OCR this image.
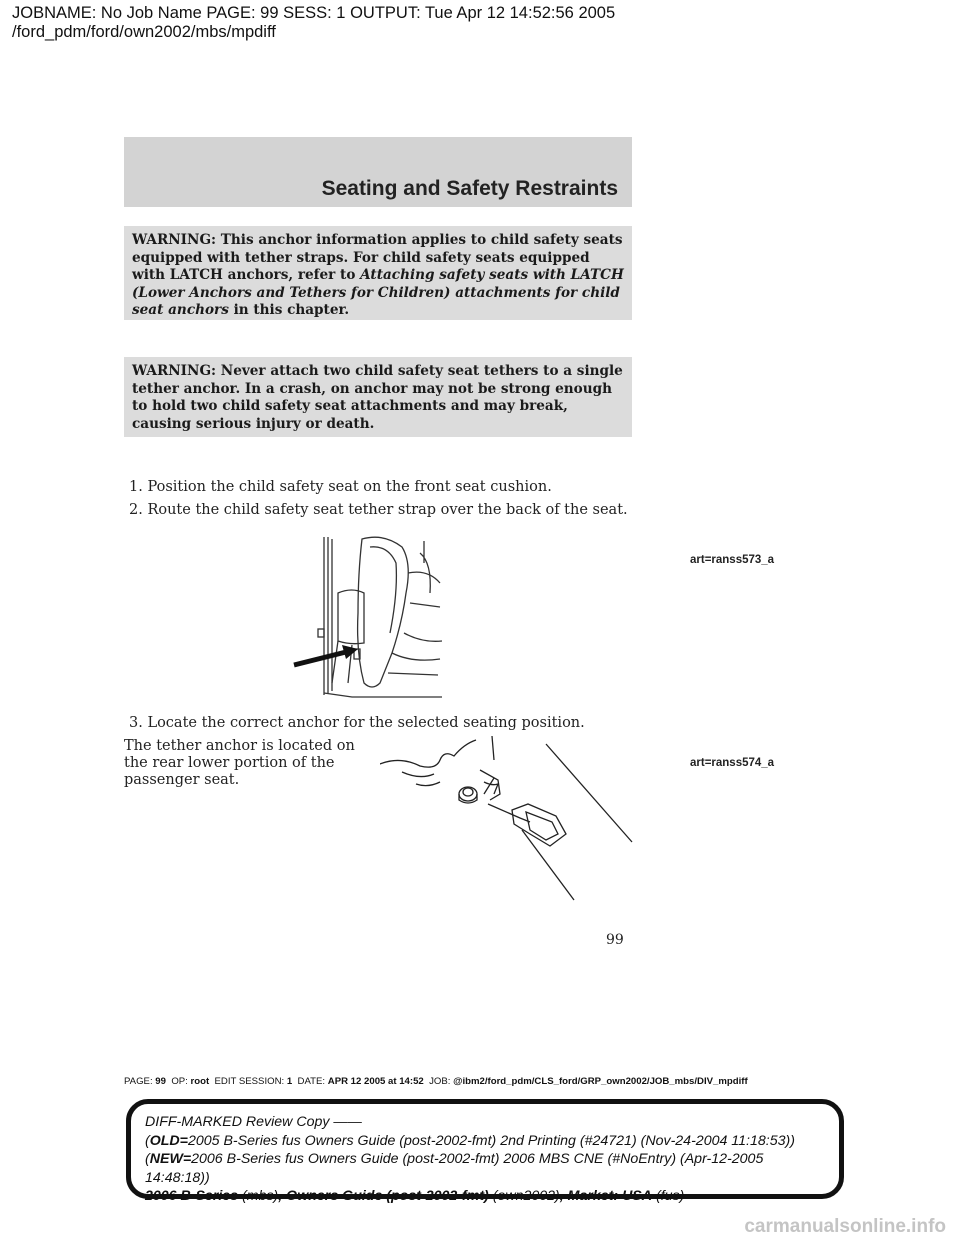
JOBNAME: No Job Name PAGE: 99 SESS: 1 OUTPUT: Tue Apr 12 14:52:56 2005
/ford_pdm/ford/own2002/mbs/mpdiff
Seating and Safety Restraints
WARNING: This anchor information applies to child safety seats equipped with tether straps. For child safety seats equipped with LATCH anchors, refer to Attaching safety seats with LATCH (Lower Anchors and Tethers for Children) attachments for child seat anchors in this chapter.
WARNING: Never attach two child safety seat tethers to a single tether anchor. In a crash, on anchor may not be strong enough to hold two child safety seat attachments and may break, causing serious injury or death.
1. Position the child safety seat on the front seat cushion.
2. Route the child safety seat tether strap over the back of the seat.
art=ranss573_a
3. Locate the correct anchor for the selected seating position.
The tether anchor is located on the rear lower portion of the passenger seat.
art=ranss574_a
99
PAGE: 99 OP: root EDIT SESSION: 1 DATE: APR 12 2005 at 14:52 JOB: @ibm2/ford_pdm/CLS_ford/GRP_own2002/JOB_mbs/DIV_mpdiff
DIFF-MARKED Review Copy ——
(OLD=2005 B-Series fus Owners Guide (post-2002-fmt) 2nd Printing (#24721) (Nov-24-2004 11:18:53))
(NEW=2006 B-Series fus Owners Guide (post-2002-fmt) 2006 MBS CNE (#NoEntry) (Apr-12-2005 14:48:18))
2006 B-Series (mbs), Owners Guide (post-2002-fmt) (own2002), Market: USA (fus)
carmanualsonline.info
